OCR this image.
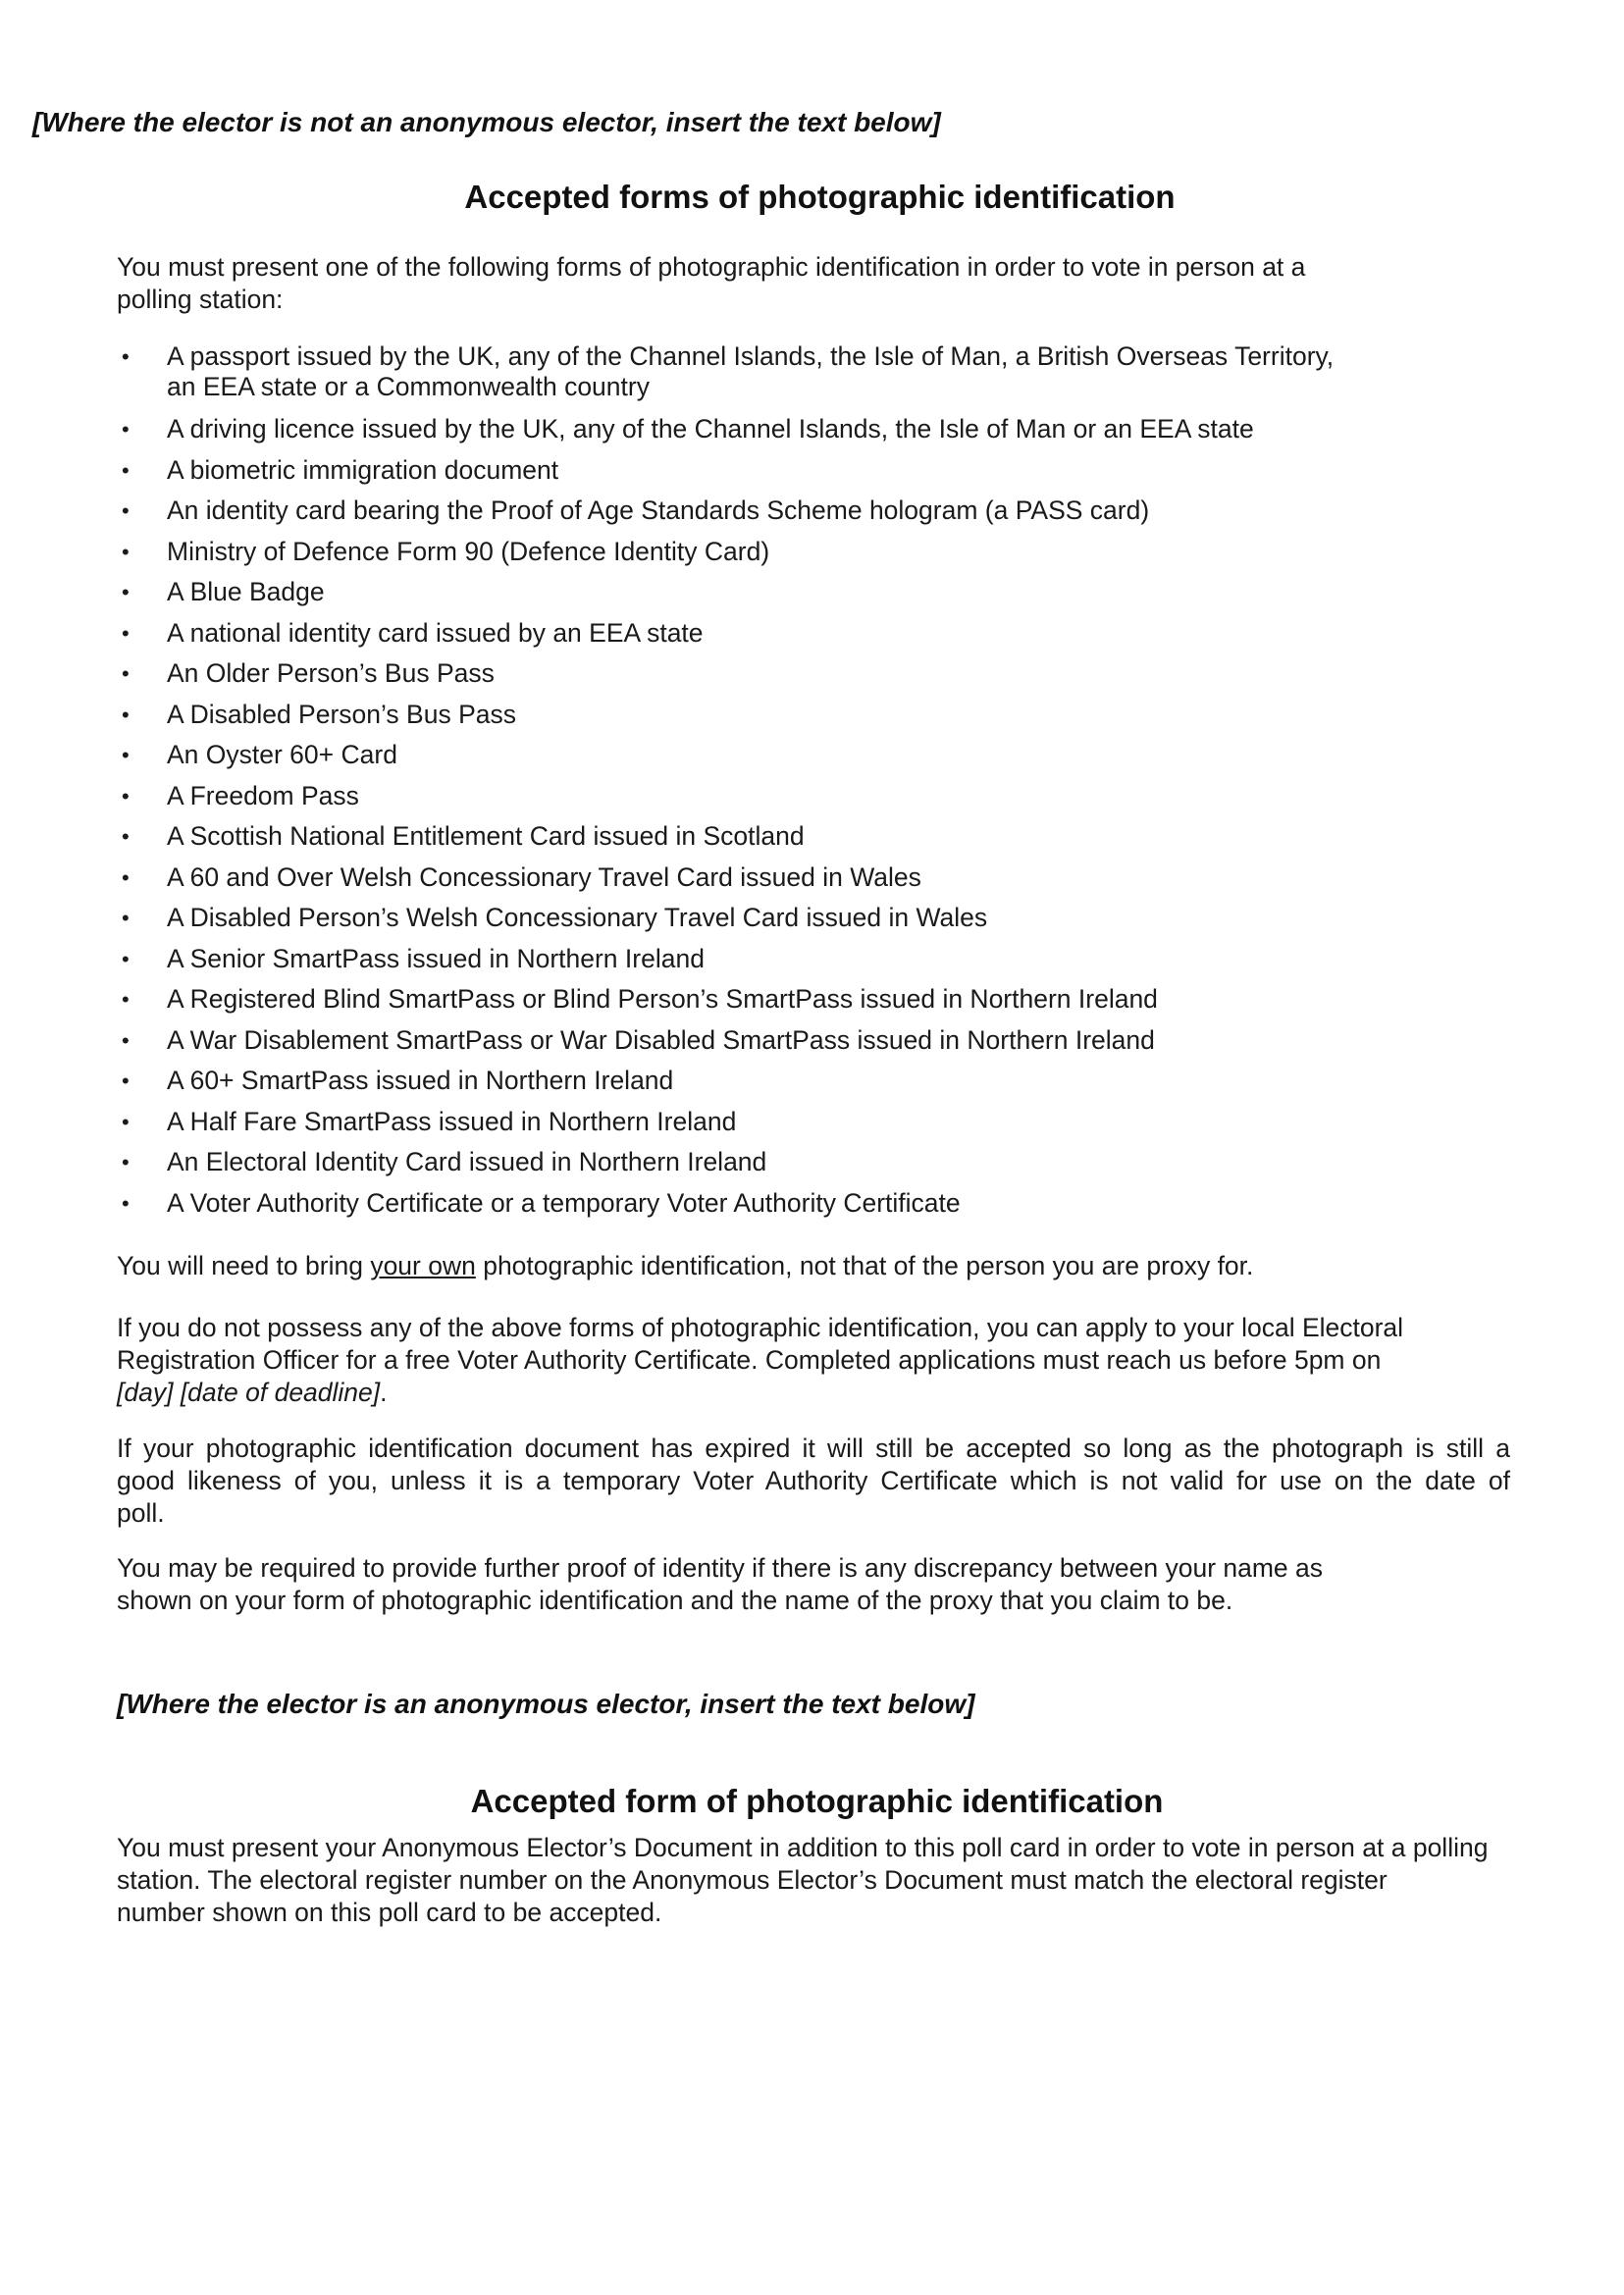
[Where the elector is not an anonymous elector, insert the text below]
Accepted forms of photographic identification
You must present one of the following forms of photographic identification in order to vote in person at a
polling station:
• A passport issued by the UK, any of the Channel Islands, the Isle of Man, a British Overseas Territory,
an EEA state or a Commonwealth country
• A driving licence issued by the UK, any of the Channel Islands, the Isle of Man or an EEA state
• A biometric immigration document
• An identity card bearing the Proof of Age Standards Scheme hologram (a PASS card)
• Ministry of Defence Form 90 (Defence Identity Card)
• A Blue Badge
• A national identity card issued by an EEA state
• An Older Person’s Bus Pass
• A Disabled Person’s Bus Pass
• An Oyster 60+ Card
• A Freedom Pass
• A Scottish National Entitlement Card issued in Scotland
• A 60 and Over Welsh Concessionary Travel Card issued in Wales
• A Disabled Person’s Welsh Concessionary Travel Card issued in Wales
• A Senior SmartPass issued in Northern Ireland
• A Registered Blind SmartPass or Blind Person’s SmartPass issued in Northern Ireland
• A War Disablement SmartPass or War Disabled SmartPass issued in Northern Ireland
• A 60+ SmartPass issued in Northern Ireland
• A Half Fare SmartPass issued in Northern Ireland
• An Electoral Identity Card issued in Northern Ireland
• A Voter Authority Certificate or a temporary Voter Authority Certificate
You will need to bring your own photographic identification, not that of the person you are proxy for.
If you do not possess any of the above forms of photographic identification, you can apply to your local Electoral
Registration Officer for a free Voter Authority Certificate. Completed applications must reach us before 5pm on
[day] [date of deadline].
If your photographic identification document has expired it will still be accepted so long as the photograph is still a
good likeness of you, unless it is a temporary Voter Authority Certificate which is not valid for use on the date of
poll.
You may be required to provide further proof of identity if there is any discrepancy between your name as
shown on your form of photographic identification and the name of the proxy that you claim to be.
[Where the elector is an anonymous elector, insert the text below]
Accepted form of photographic identification
You must present your Anonymous Elector’s Document in addition to this poll card in order to vote in person at a polling
station. The electoral register number on the Anonymous Elector’s Document must match the electoral register
number shown on this poll card to be accepted.
